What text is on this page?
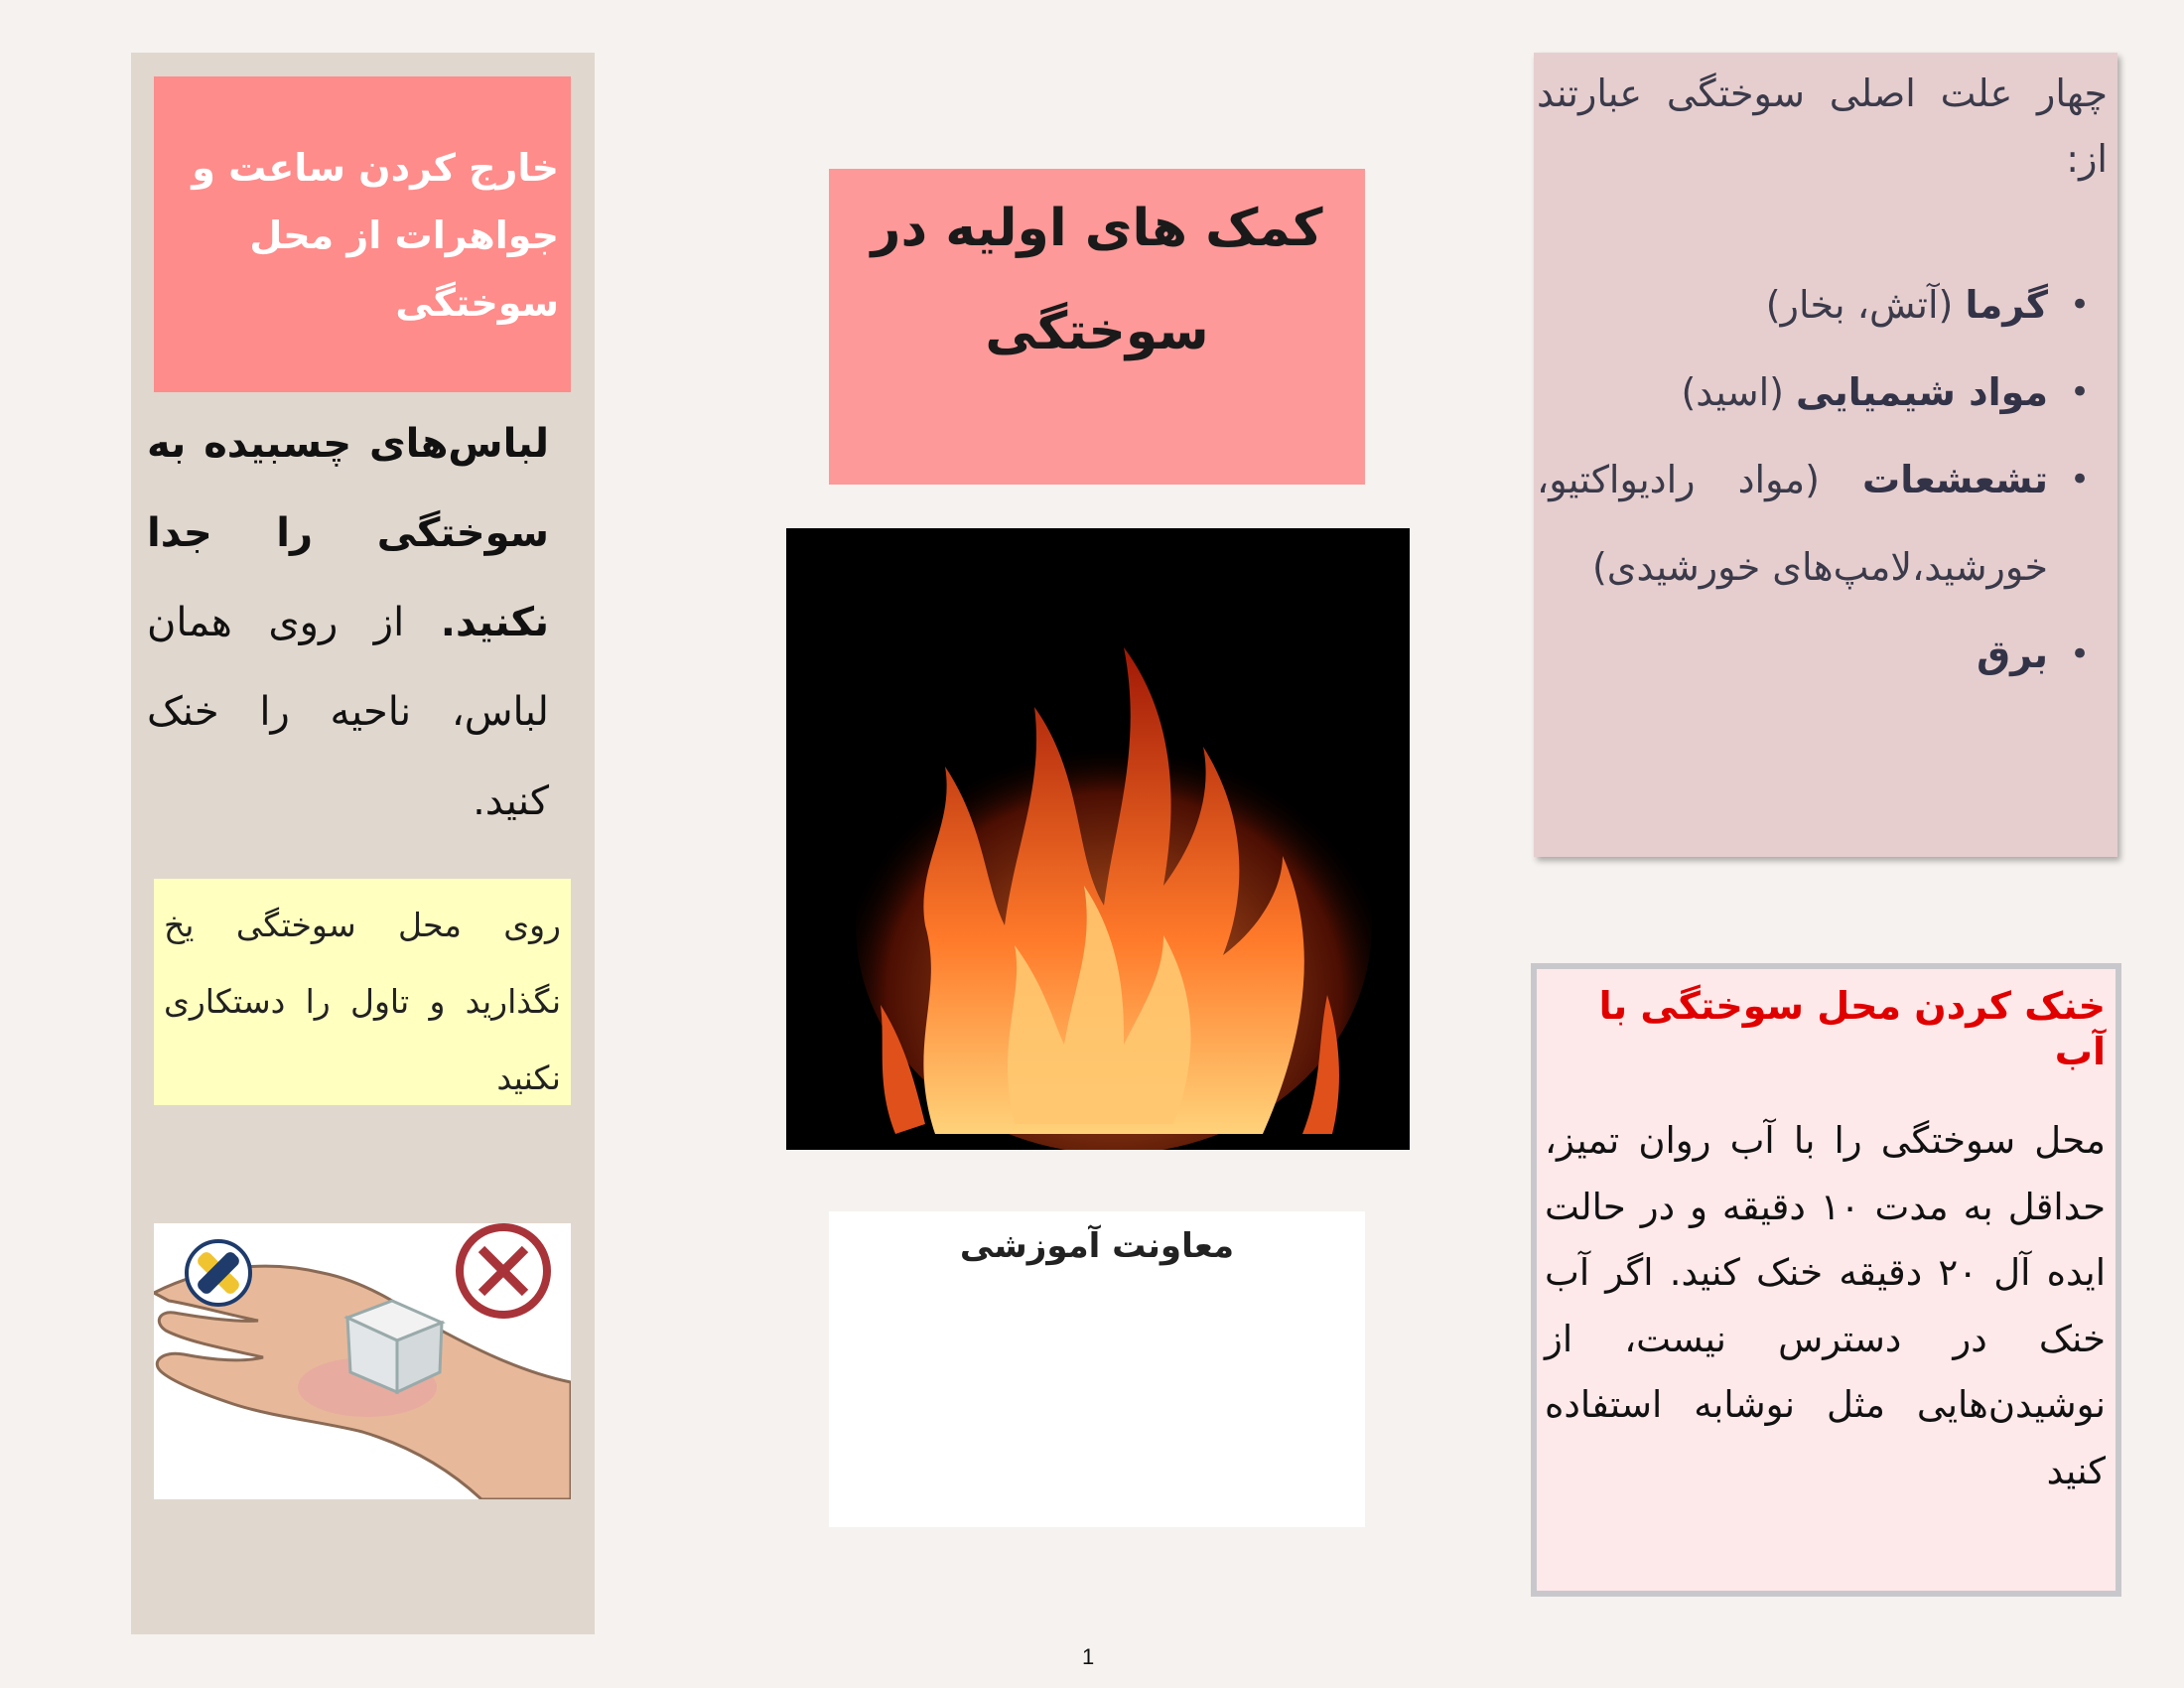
خارج کردن ساعت و جواهرات از محل سوختگی

لباس‌های چسبیده به سوختگی را جدا نکنید. از روی همان لباس، ناحیه را خنک کنید.

روی محل سوختگی یخ نگذارید و تاول را دستکاری نکنید

کمک های اولیه در سوختگی

معاونت آموزشی

1

چهار علت اصلی سوختگی عبارتند از:

• گرما (آتش، بخار)
• مواد شیمیایی (اسید)
• تشعشعات (مواد رادیواکتیو، خورشید،لامپ‌های خورشیدی)
• برق

خنک کردن محل سوختگی با آب

محل سوختگی را با آب روان تمیز، حداقل به مدت ۱۰ دقیقه و در حالت ایده آل ۲۰ دقیقه خنک کنید. اگر آب خنک در دسترس نیست، از نوشیدن‌هایی مثل نوشابه استفاده کنید
